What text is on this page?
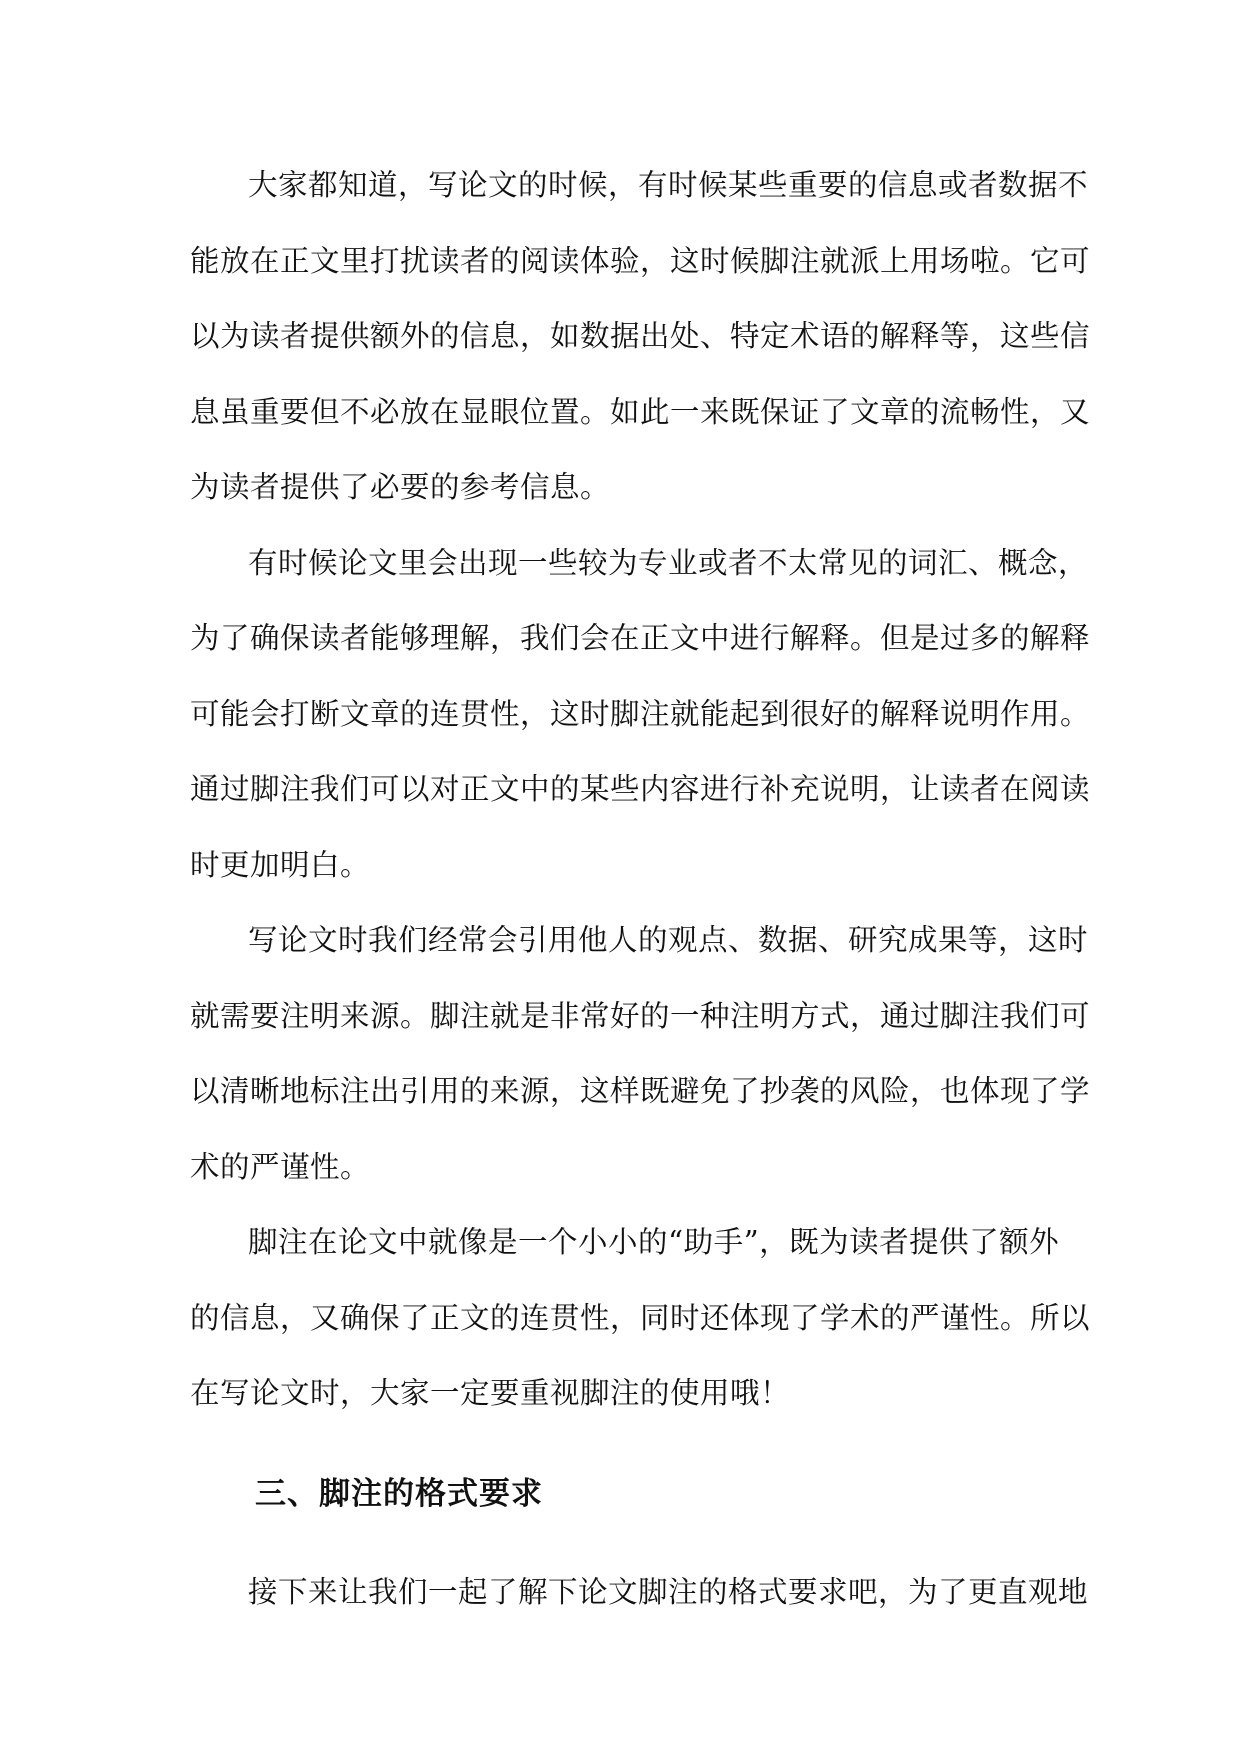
大家都知道，写论文的时候，有时候某些重要的信息或者数据不
能放在正文里打扰读者的阅读体验，这时候脚注就派上用场啦。它可
以为读者提供额外的信息，如数据出处、特定术语的解释等，这些信
息虽重要但不必放在显眼位置。如此一来既保证了文章的流畅性，又
为读者提供了必要的参考信息。
有时候论文里会出现一些较为专业或者不太常见的词汇、概念，
为了确保读者能够理解，我们会在正文中进行解释。但是过多的解释
可能会打断文章的连贯性，这时脚注就能起到很好的解释说明作用。
通过脚注我们可以对正文中的某些内容进行补充说明，让读者在阅读
时更加明白。
写论文时我们经常会引用他人的观点、数据、研究成果等，这时
就需要注明来源。脚注就是非常好的一种注明方式，通过脚注我们可
以清晰地标注出引用的来源，这样既避免了抄袭的风险，也体现了学
术的严谨性。
脚注在论文中就像是一个小小的“助手”，既为读者提供了额外
的信息，又确保了正文的连贯性，同时还体现了学术的严谨性。所以
在写论文时，大家一定要重视脚注的使用哦！
三、脚注的格式要求
接下来让我们一起了解下论文脚注的格式要求吧，为了更直观地
